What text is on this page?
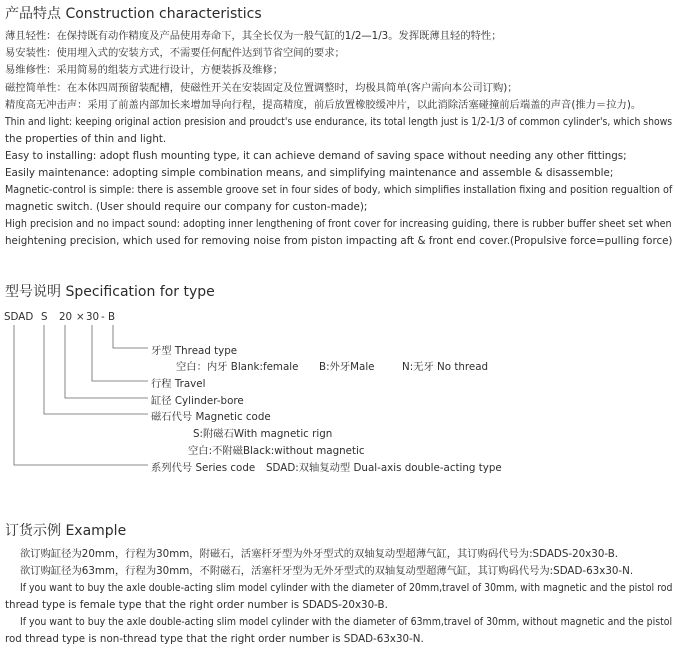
产品特点 Construction characteristics
薄且轻性：在保持既有动作精度及产品使用寿命下，其全长仅为一般气缸的1/2—1/3。发挥既薄且轻的特性；
易安装性：使用埋入式的安装方式，不需要任何配件达到节省空间的要求；
易维修性：采用简易的组装方式进行设计，方便装拆及维修；
磁控简单性：在本体四周预留装配槽，使磁性开关在安装固定及位置调整时，均极具简单(客户需向本公司订购)；
精度高无冲击声：采用了前盖内部加长来增加导向行程，提高精度，前后放置橡胶缓冲片，以此消除活塞碰撞前后端盖的声音(推力＝拉力)。
Thin and light: keeping original action presision and proudct's use endurance, its total length just is 1/2-1/3 of common cylinder's, which shows
the properties of thin and light.
Easy to installing: adopt flush mounting type, it can achieve demand of saving space without needing any other fittings;
Easily maintenance: adopting simple combination means, and simplifying maintenance and assemble & disassemble;
Magnetic-control is simple: there is assemble groove set in four sides of body, which simplifies installation fixing and position regualtion of
magnetic switch. (User should require our company for custon-made);
High precision and no impact sound: adopting inner lengthening of front cover for increasing guiding, there is rubber buffer sheet set when
heightening precision, which used for removing noise from piston impacting aft & front end cover.(Propulsive force=pulling force)
型号说明 Specification for type
SDAD S 20 × 30 - B
牙型 Thread type
空白：内牙 Blank:female B:外牙Male	N:无牙 No thread
行程 Travel
缸径 Cylinder-bore
磁石代号 Magnetic code
S:附磁石With magnetic rign
空白:不附磁Black:without magnetic
系列代号 Series code SDAD:双轴复动型 Dual-axis double-acting type
订货示例 Example
欲订购缸径为20mm，行程为30mm，附磁石，活塞杆牙型为外牙型式的双轴复动型超薄气缸，其订购码代号为:SDADS-20x30-B.
欲订购缸径为63mm，行程为30mm，不附磁石，活塞杆牙型为无外牙型式的双轴复动型超薄气缸，其订购码代号为:SDAD-63x30-N.
If you want to buy the axle double-acting slim model cylinder with the diameter of 20mm,travel of 30mm, with magnetic and the pistol rod
thread type is female type that the right order number is SDADS-20x30-B.
If you want to buy the axle double-acting slim model cylinder with the diameter of 63mm,travel of 30mm, without magnetic and the pistol
rod thread type is non-thread type that the right order number is SDAD-63x30-N.
